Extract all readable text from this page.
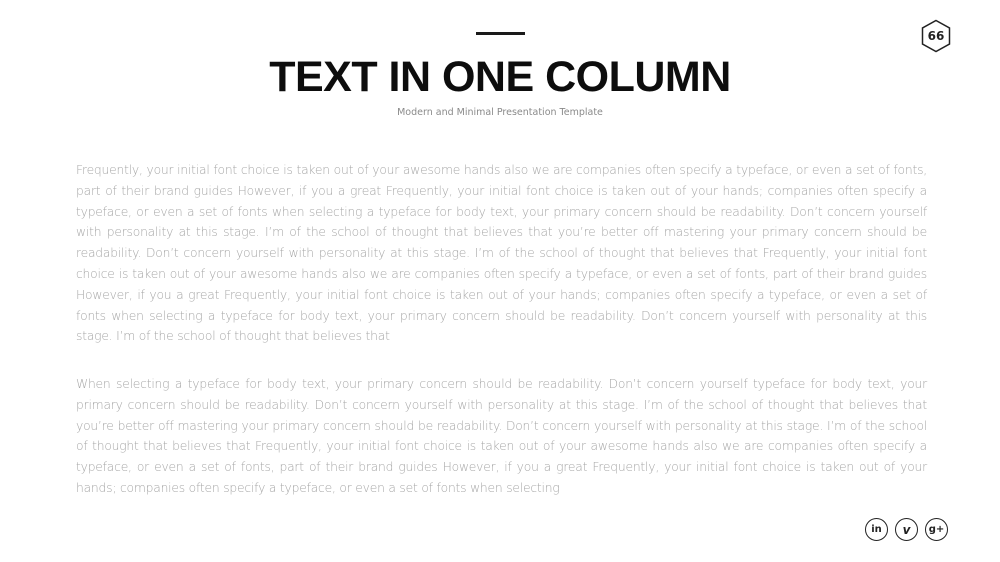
66
TEXT IN ONE COLUMN
Modern and Minimal Presentation Template

Frequently, your initial font choice is taken out of your awesome hands also we are companies often specify a typeface, or even a set of fonts, part of their brand guides However, if you a great Frequently, your initial font choice is taken out of your hands; companies often specify a typeface, or even a set of fonts when selecting a typeface for body text, your primary concern should be readability. Don’t concern yourself with personality at this stage. I’m of the school of thought that believes that you’re better off mastering your primary concern should be readability. Don’t concern yourself with personality at this stage. I’m of the school of thought that believes that Frequently, your initial font choice is taken out of your awesome hands also we are companies often specify a typeface, or even a set of fonts, part of their brand guides However, if you a great Frequently, your initial font choice is taken out of your hands; companies often specify a typeface, or even a set of fonts when selecting a typeface for body text, your primary concern should be readability. Don’t concern yourself with personality at this stage. I’m of the school of thought that believes that

When selecting a typeface for body text, your primary concern should be readability. Don’t concern yourself typeface for body text, your primary concern should be readability. Don’t concern yourself with personality at this stage. I’m of the school of thought that believes that you’re better off mastering your primary concern should be readability. Don’t concern yourself with personality at this stage. I’m of the school of thought that believes that Frequently, your initial font choice is taken out of your awesome hands also we are companies often specify a typeface, or even a set of fonts, part of their brand guides However, if you a great Frequently, your initial font choice is taken out of your hands; companies often specify a typeface, or even a set of fonts when selecting

in v g+
